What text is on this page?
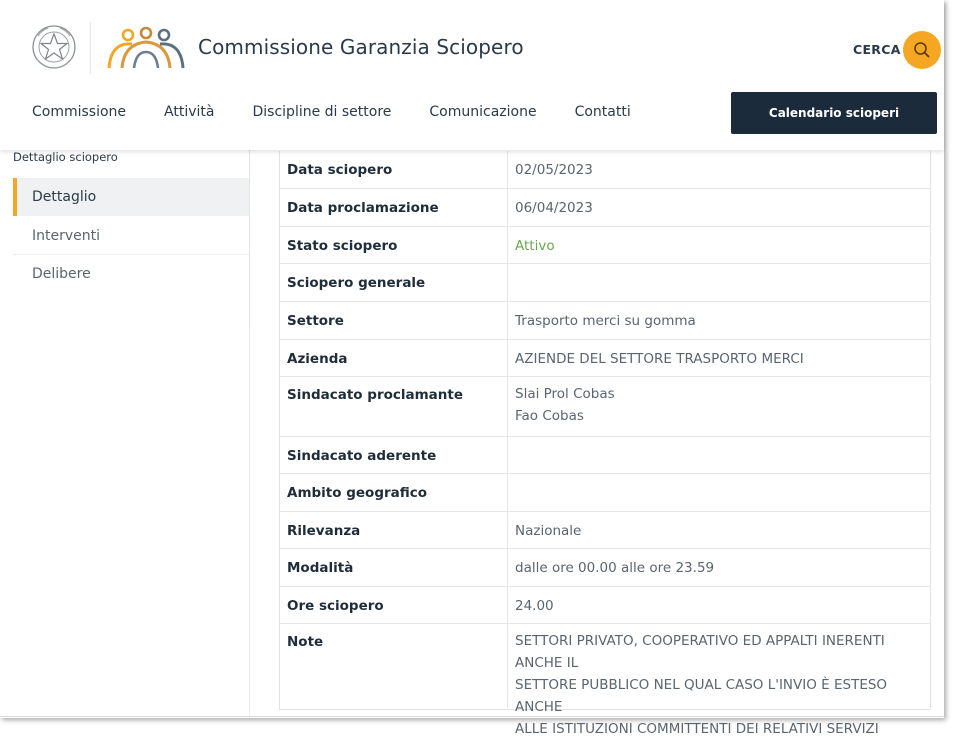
Commissione Garanzia Sciopero	CERCA
Commissione	Attività	Discipline di settore	Comunicazione	Contatti	Calendario scioperi
Dettaglio sciopero
Dettaglio
Interventi
Delibere
Data sciopero	02/05/2023
Data proclamazione	06/04/2023
Stato sciopero	Attivo
Sciopero generale
Settore	Trasporto merci su gomma
Azienda	AZIENDE DEL SETTORE TRASPORTO MERCI
Sindacato proclamante	Slai Prol Cobas
Fao Cobas
Sindacato aderente
Ambito geografico
Rilevanza	Nazionale
Modalità	dalle ore 00.00 alle ore 23.59
Ore sciopero	24.00
Note	SETTORI PRIVATO, COOPERATIVO ED APPALTI INERENTI ANCHE IL
SETTORE PUBBLICO NEL QUAL CASO L'INVIO È ESTESO ANCHE
ALLE ISTITUZIONI COMMITTENTI DEI RELATIVI SERVIZI
